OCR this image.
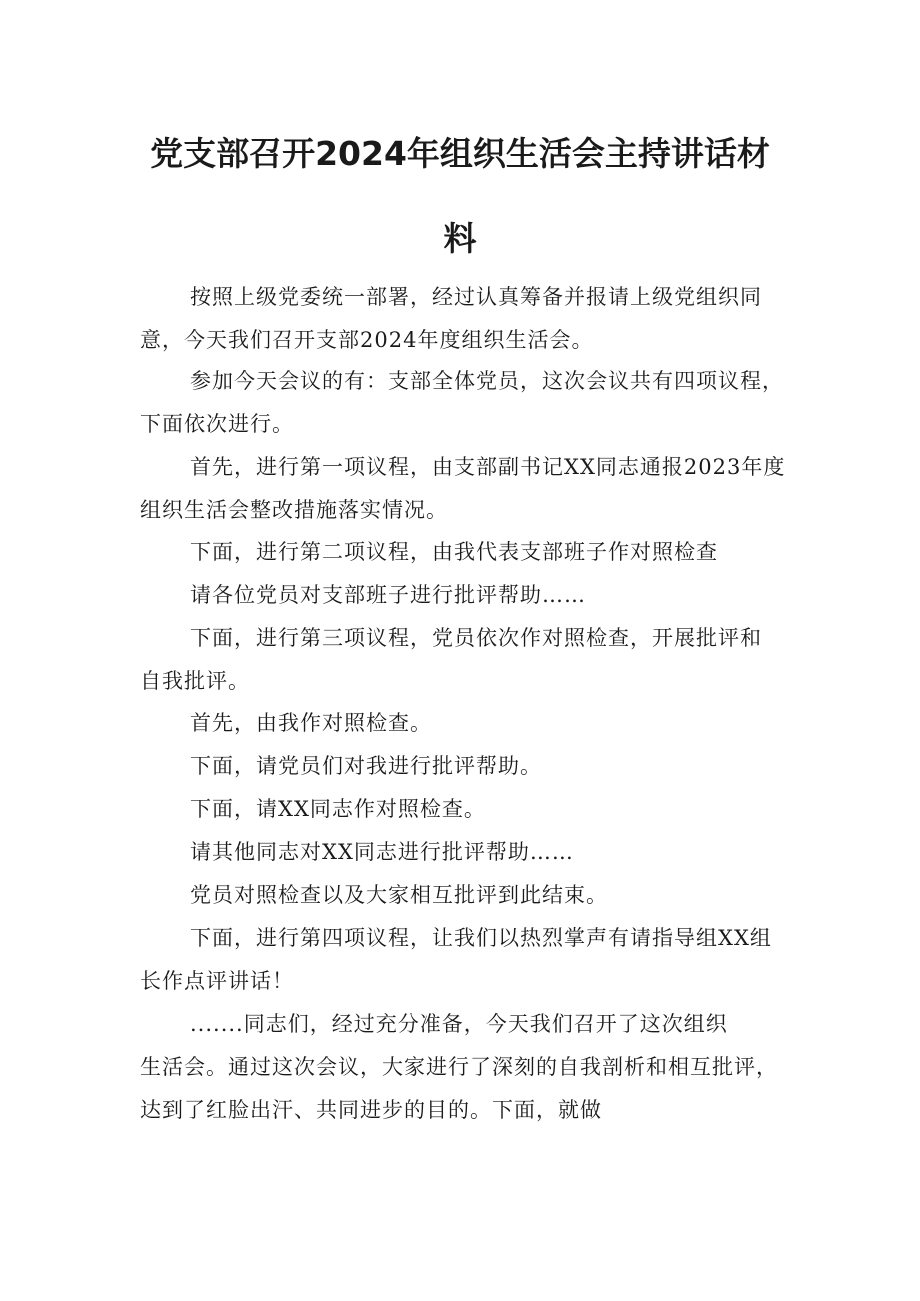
党支部召开2024年组织生活会主持讲话材
料

按照上级党委统一部署，经过认真筹备并报请上级党组织同
意，今天我们召开支部2024年度组织生活会。

参加今天会议的有：支部全体党员，这次会议共有四项议程，
下面依次进行。

首先，进行第一项议程，由支部副书记XX同志通报2023年度
组织生活会整改措施落实情况。

下面，进行第二项议程，由我代表支部班子作对照检查

请各位党员对支部班子进行批评帮助……

下面，进行第三项议程，党员依次作对照检查，开展批评和
自我批评。

首先，由我作对照检查。

下面，请党员们对我进行批评帮助。

下面，请XX同志作对照检查。

请其他同志对XX同志进行批评帮助……

党员对照检查以及大家相互批评到此结束。

下面，进行第四项议程，让我们以热烈掌声有请指导组XX组
长作点评讲话！

.......同志们，经过充分准备，今天我们召开了这次组织
生活会。通过这次会议，大家进行了深刻的自我剖析和相互批评，
达到了红脸出汗、共同进步的目的。下面，就做
